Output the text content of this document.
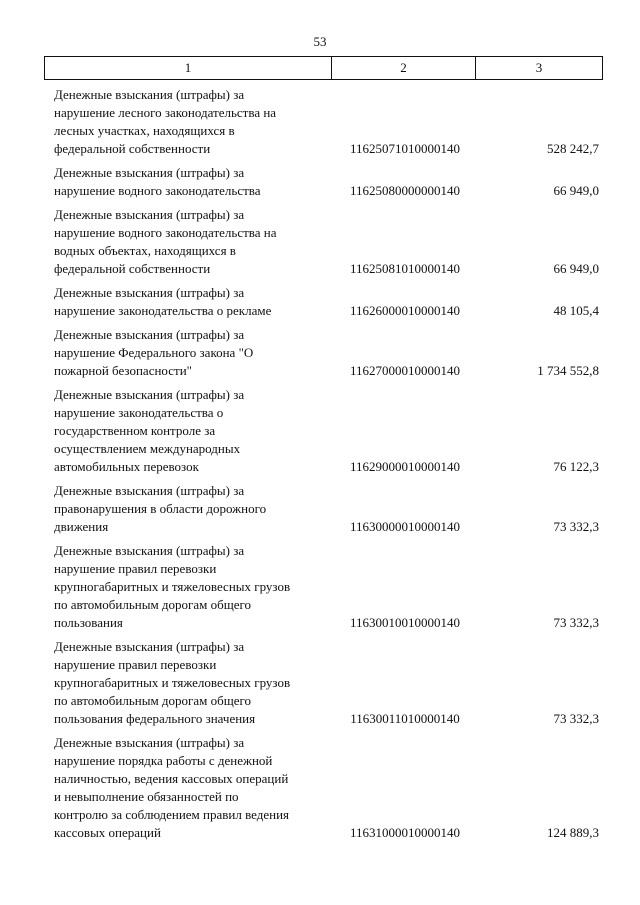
53
1	2	3
Денежные взыскания (штрафы) за
нарушение лесного законодательства на
лесных участках, находящихся в
федеральной собственности	11625071010000140	528 242,7
Денежные взыскания (штрафы) за
нарушение водного законодательства	11625080000000140	66 949,0
Денежные взыскания (штрафы) за
нарушение водного законодательства на
водных объектах, находящихся в
федеральной собственности	11625081010000140	66 949,0
Денежные взыскания (штрафы) за
нарушение законодательства о рекламе	11626000010000140	48 105,4
Денежные взыскания (штрафы) за
нарушение Федерального закона "О
пожарной безопасности"	11627000010000140	1 734 552,8
Денежные взыскания (штрафы) за
нарушение законодательства о
государственном контроле за
осуществлением международных
автомобильных перевозок	11629000010000140	76 122,3
Денежные взыскания (штрафы) за
правонарушения в области дорожного
движения	11630000010000140	73 332,3
Денежные взыскания (штрафы) за
нарушение правил перевозки
крупногабаритных и тяжеловесных грузов
по автомобильным дорогам общего
пользования	11630010010000140	73 332,3
Денежные взыскания (штрафы) за
нарушение правил перевозки
крупногабаритных и тяжеловесных грузов
по автомобильным дорогам общего
пользования федерального значения	11630011010000140	73 332,3
Денежные взыскания (штрафы) за
нарушение порядка работы с денежной
наличностью, ведения кассовых операций
и невыполнение обязанностей по
контролю за соблюдением правил ведения
кассовых операций	11631000010000140	124 889,3
